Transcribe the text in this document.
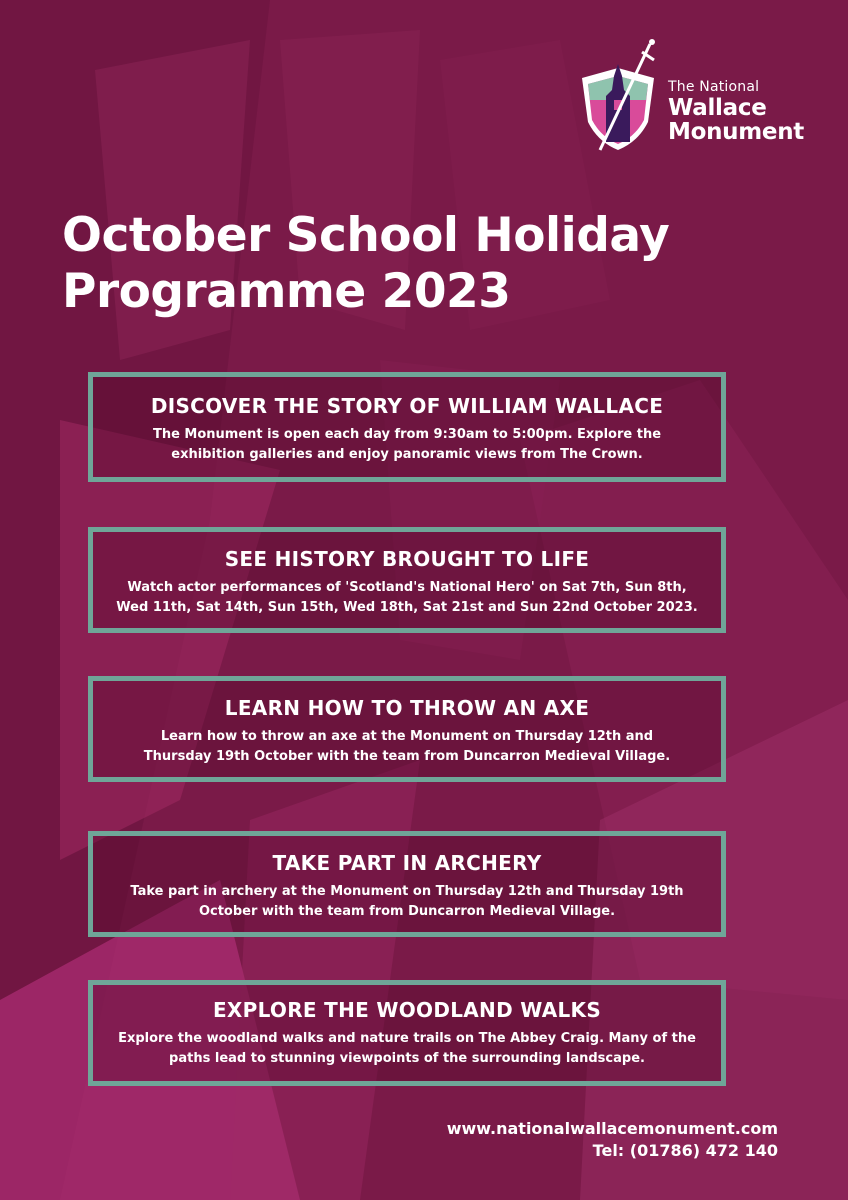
The National
Wallace
Monument
October School Holiday
Programme 2023
DISCOVER THE STORY OF WILLIAM WALLACE

The Monument is open each day from 9:30am to 5:00pm. Explore the
exhibition galleries and enjoy panoramic views from The Crown.

SEE HISTORY BROUGHT TO LIFE

Watch actor performances of 'Scotland's National Hero' on Sat 7th, Sun 8th,
Wed 11th, Sat 14th, Sun 15th, Wed 18th, Sat 21st and Sun 22nd October 2023.

LEARN HOW TO THROW AN AXE

Learn how to throw an axe at the Monument on Thursday 12th and
Thursday 19th October with the team from Duncarron Medieval Village.

TAKE PART IN ARCHERY

Take part in archery at the Monument on Thursday 12th and Thursday 19th
October with the team from Duncarron Medieval Village.

EXPLORE THE WOODLAND WALKS

Explore the woodland walks and nature trails on The Abbey Craig. Many of the
paths lead to stunning viewpoints of the surrounding landscape.

www.nationalwallacemonument.com
Tel: (01786) 472 140
